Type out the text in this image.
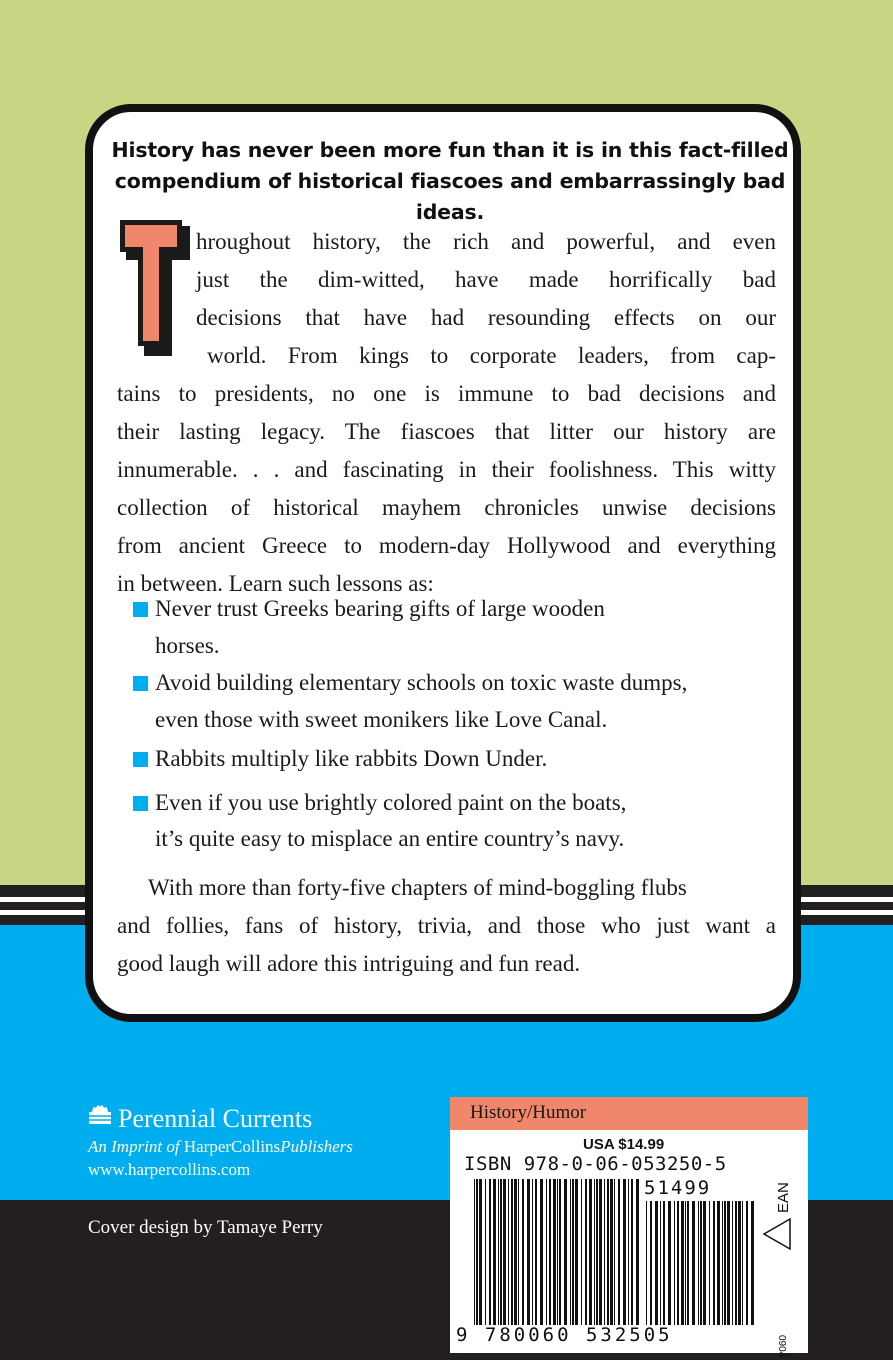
History has never been more fun than it is in this fact-filled
compendium of historical fiascoes and embarrassingly bad ideas.
hroughout history, the rich and powerful, and even
just the dim-witted, have made horrifically bad
decisions that have had resounding effects on our
world. From kings to corporate leaders, from cap-
tains to presidents, no one is immune to bad decisions and
their lasting legacy. The fiascoes that litter our history are
innumerable. . . and fascinating in their foolishness. This witty
collection of historical mayhem chronicles unwise decisions
from ancient Greece to modern-day Hollywood and everything
in between. Learn such lessons as:
Never trust Greeks bearing gifts of large wooden
horses.
Avoid building elementary schools on toxic waste dumps,
even those with sweet monikers like Love Canal.
Rabbits multiply like rabbits Down Under.
Even if you use brightly colored paint on the boats,
it’s quite easy to misplace an entire country’s navy.
With more than forty-five chapters of mind-boggling flubs
and follies, fans of history, trivia, and those who just want a
good laugh will adore this intriguing and fun read.
Perennial Currents
An Imprint of HarperCollinsPublishers
www.harpercollins.com
Cover design by Tamaye Perry
History/Humor
USA $14.99
ISBN 978-0-06-053250-5
51499	EAN
0904
9 780060 532505
